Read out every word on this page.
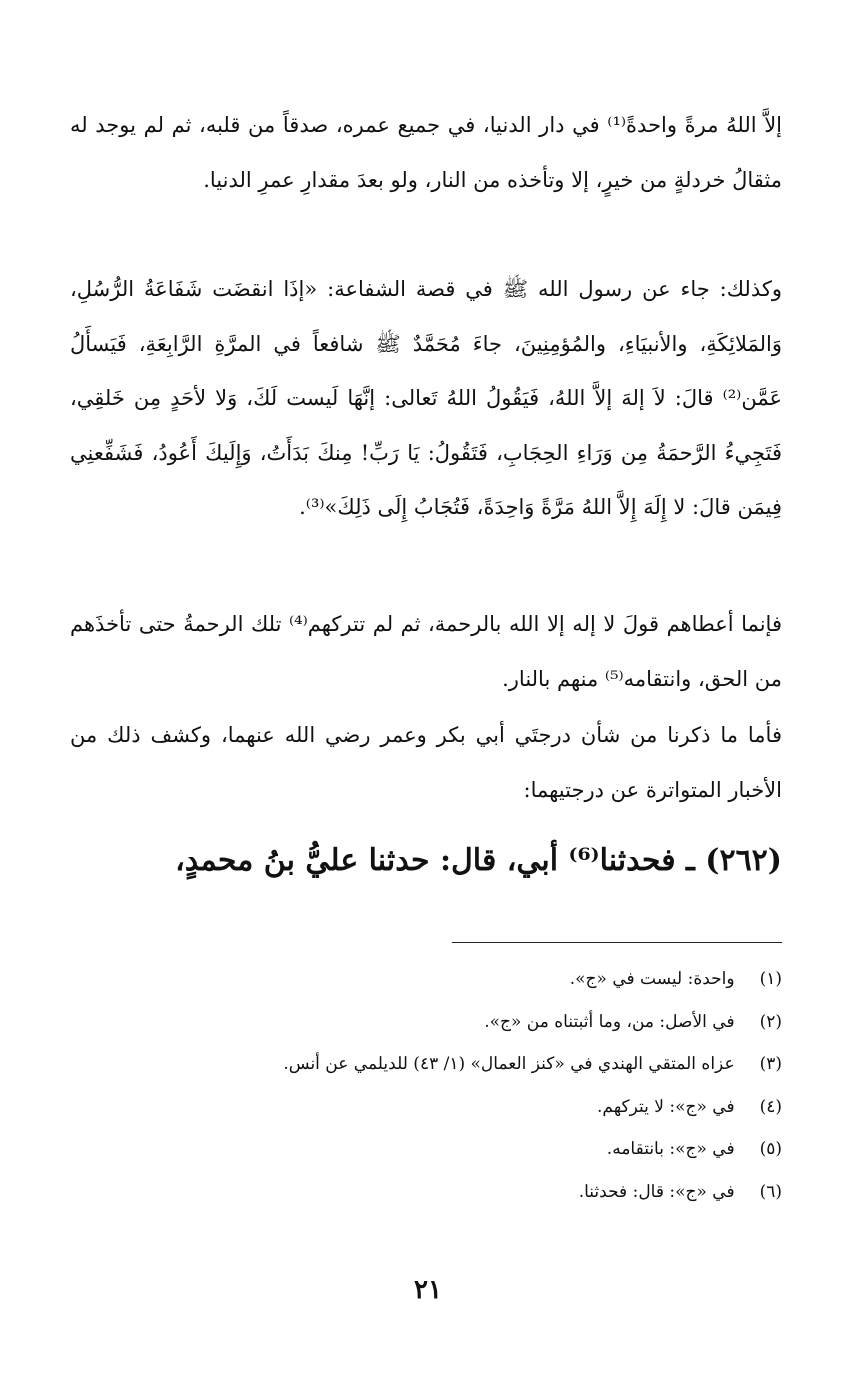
إلاَّ اللهُ مرةً واحدةً⁽¹⁾ في دار الدنيا، في جميع عمره، صدقاً من قلبه، ثم لم يوجد له مثقالُ خردلةٍ من خيرٍ، إلا وتأخذه من النار، ولو بعدَ مقدارِ عمرِ الدنيا.

وكذلك: جاء عن رسول الله ﷺ في قصة الشفاعة: «إذَا انقضَت شَفَاعَةُ الرُّسُلِ، وَالمَلائِكَةِ، والأنبيَاءِ، والمُؤمِنِينَ، جاءَ مُحَمَّدٌ ﷺ شافعاً في المرَّةِ الرَّابِعَةِ، فَيَسأَلُ عَمَّن⁽²⁾ قالَ: لاَ إلهَ إلاَّ اللهُ، فَيَقُولُ اللهُ تَعالى: إنَّهَا لَيست لَكَ، وَلا لأحَدٍ مِن خَلقِي، فَتَجِيءُ الرَّحمَةُ مِن وَرَاءِ الحِجَابِ، فَتَقُولُ: يَا رَبِّ! مِنكَ بَدَأَتُ، وَإِلَيكَ أَعُودُ، فَشَفِّعنِي فِيمَن قالَ: لا إِلَهَ إِلاَّ اللهُ مَرَّةً وَاحِدَةً، فَتُجَابُ إِلَى ذَلِكَ»⁽³⁾.

فإنما أعطاهم قولَ لا إله إلا الله بالرحمة، ثم لم تتركهم⁽⁴⁾ تلك الرحمةُ حتى تأخذَهم من الحق، وانتقامه⁽⁵⁾ منهم بالنار.

فأما ما ذكرنا من شأن درجتَي أبي بكر وعمر رضي الله عنهما، وكشف ذلك من الأخبار المتواترة عن درجتيهما:

(٢٦٢) ـ فحدثنا⁽⁶⁾ أبي، قال: حدثنا عليُّ بنُ محمدٍ،

(١) واحدة: ليست في «ج».
(٢) في الأصل: من، وما أثبتناه من «ج».
(٣) عزاه المتقي الهندي في «كنز العمال» (١/ ٤٣) للديلمي عن أنس.
(٤) في «ج»: لا يتركهم.
(٥) في «ج»: بانتقامه.
(٦) في «ج»: قال: فحدثنا.

٢١
